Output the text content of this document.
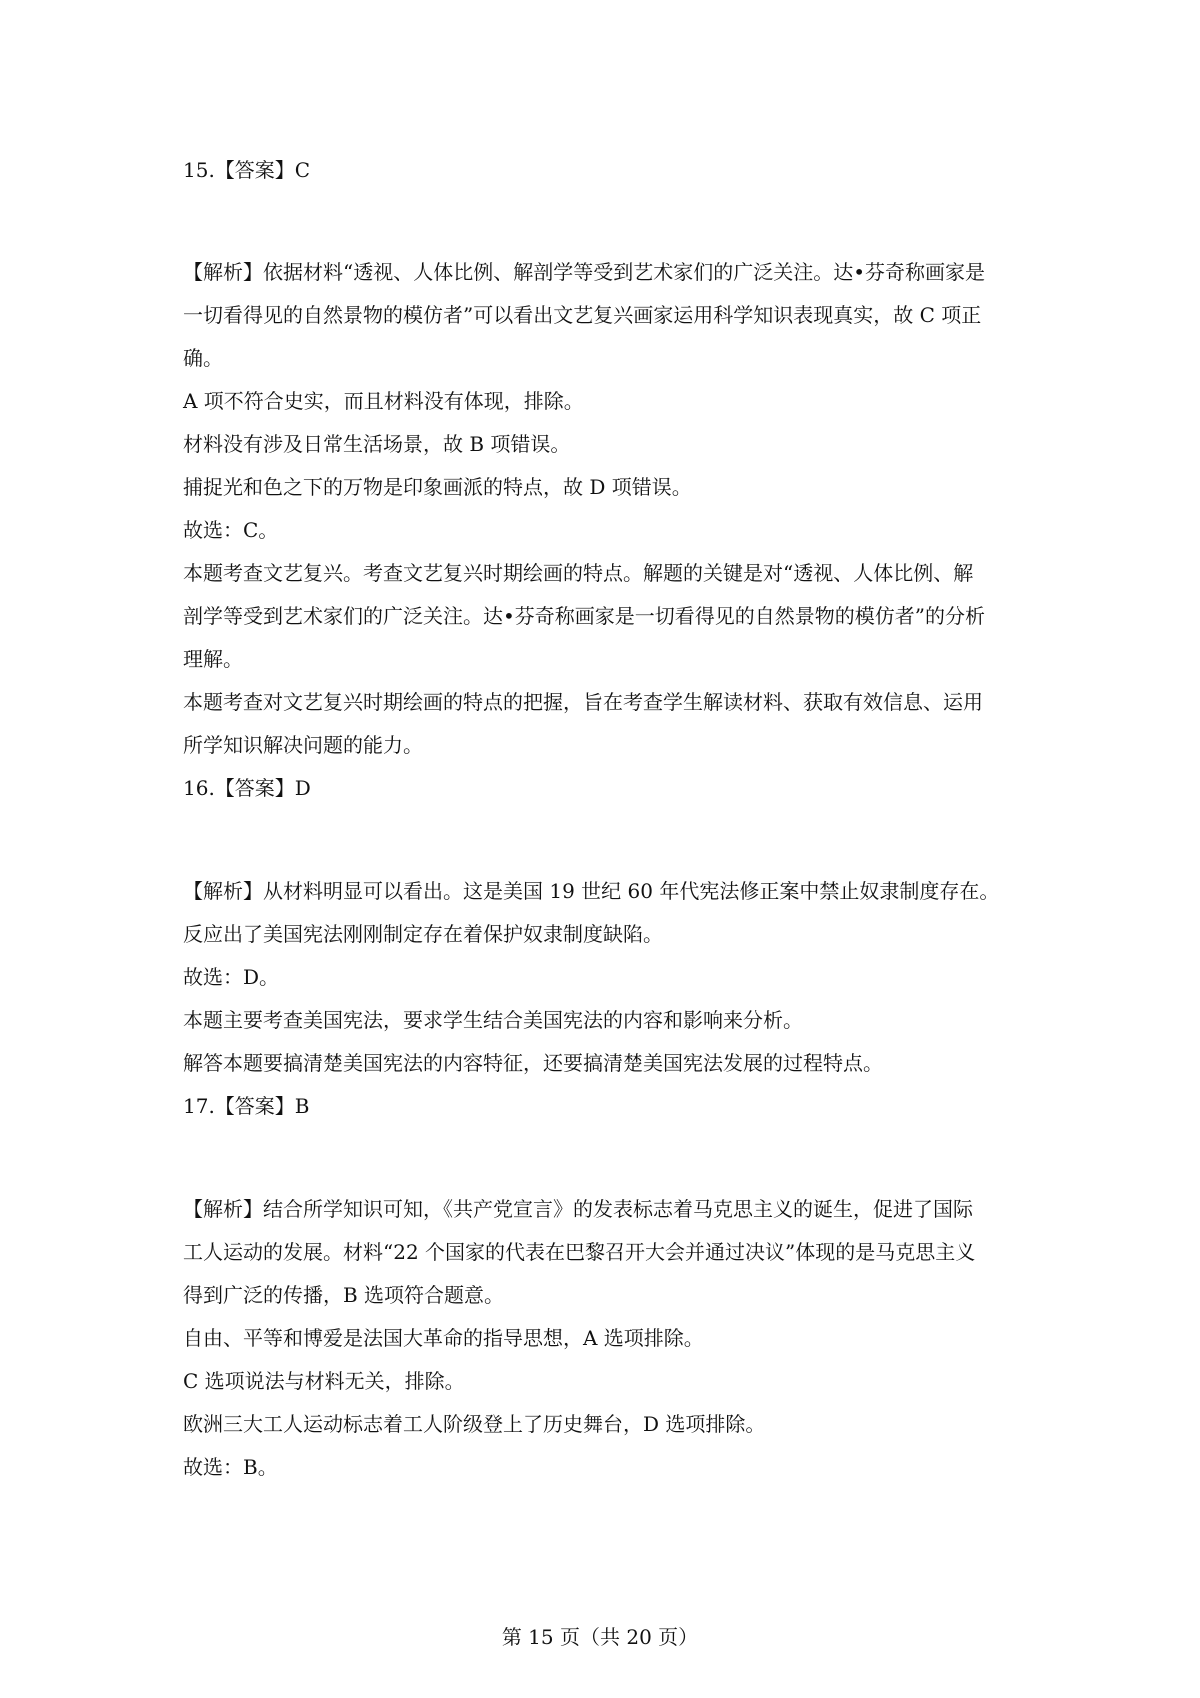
15.【答案】C
【解析】依据材料“透视、人体比例、解剖学等受到艺术家们的广泛关注。达•芬奇称画家是
一切看得见的自然景物的模仿者”可以看出文艺复兴画家运用科学知识表现真实，故 C 项正
确。
A 项不符合史实，而且材料没有体现，排除。
材料没有涉及日常生活场景，故 B 项错误。
捕捉光和色之下的万物是印象画派的特点，故 D 项错误。
故选：C。
本题考查文艺复兴。考查文艺复兴时期绘画的特点。解题的关键是对“透视、人体比例、解
剖学等受到艺术家们的广泛关注。达•芬奇称画家是一切看得见的自然景物的模仿者”的分析
理解。
本题考查对文艺复兴时期绘画的特点的把握，旨在考查学生解读材料、获取有效信息、运用
所学知识解决问题的能力。
16.【答案】D
【解析】从材料明显可以看出。这是美国 19 世纪 60 年代宪法修正案中禁止奴隶制度存在。
反应出了美国宪法刚刚制定存在着保护奴隶制度缺陷。
故选：D。
本题主要考查美国宪法，要求学生结合美国宪法的内容和影响来分析。
解答本题要搞清楚美国宪法的内容特征，还要搞清楚美国宪法发展的过程特点。
17.【答案】B
【解析】结合所学知识可知，《共产党宣言》的发表标志着马克思主义的诞生，促进了国际
工人运动的发展。材料“22 个国家的代表在巴黎召开大会并通过决议”体现的是马克思主义
得到广泛的传播，B 选项符合题意。
自由、平等和博爱是法国大革命的指导思想，A 选项排除。
C 选项说法与材料无关，排除。
欧洲三大工人运动标志着工人阶级登上了历史舞台，D 选项排除。
故选：B。
第 15 页（共 20 页）
